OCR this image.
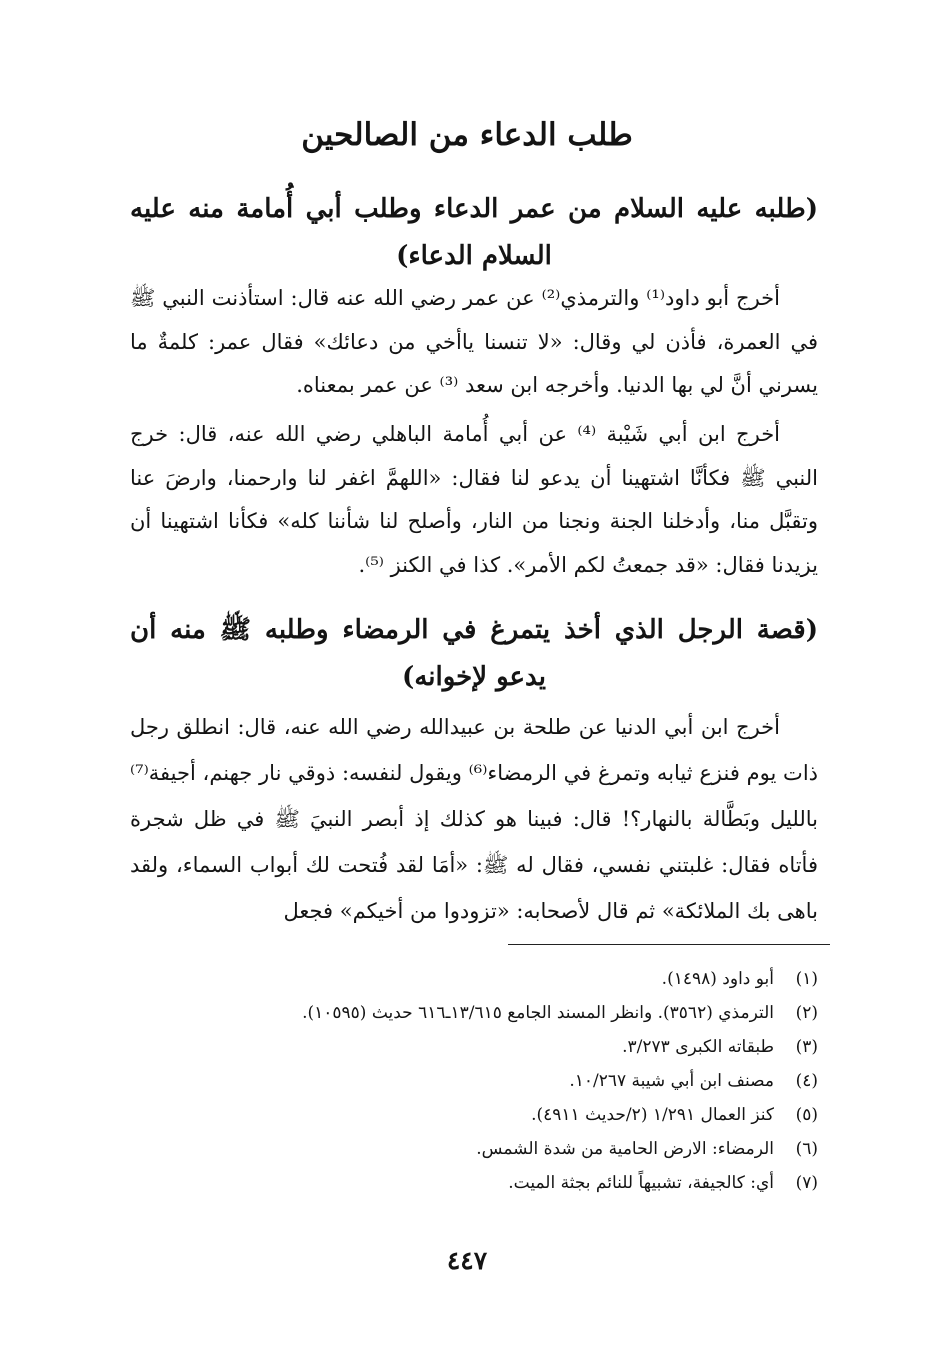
طلب الدعاء من الصالحين
(طلبه عليه السلام من عمر الدعاء وطلب أبي أُمامة منه عليه السلام الدعاء)

أخرج أبو داود⁽¹⁾ والترمذي⁽²⁾ عن عمر رضي الله عنه قال: استأذنت النبي ﷺ في العمرة، فأذن لي وقال: «لا تنسنا ياأخي من دعائك» فقال عمر: كلمةٌ ما يسرني أنَّ لي بها الدنيا. وأخرجه ابن سعد ⁽³⁾ عن عمر بمعناه.

أخرج ابن أبي شَيْبة ⁽⁴⁾ عن أبي أُمامة الباهلي رضي الله عنه، قال: خرج النبي ﷺ فكأنَّا اشتهينا أن يدعو لنا فقال: «اللهمَّ اغفر لنا وارحمنا، وارضَ عنا وتقبَّل منا، وأدخلنا الجنة ونجنا من النار، وأصلح لنا شأننا كله» فكأنا اشتهينا أن يزيدنا فقال: «قد جمعتُ لكم الأمر». كذا في الكنز ⁽⁵⁾.

(قصة الرجل الذي أخذ يتمرغ في الرمضاء وطلبه ﷺ منه أن يدعو لإخوانه)

أخرج ابن أبي الدنيا عن طلحة بن عبيدالله رضي الله عنه، قال: انطلق رجل ذات يوم فنزع ثيابه وتمرغ في الرمضاء⁽⁶⁾ ويقول لنفسه: ذوقي نار جهنم، أجيفة⁽⁷⁾ بالليل وبَطَّالة بالنهار؟! قال: فبينا هو كذلك إذ أبصر النبيَ ﷺ في ظل شجرة فأتاه فقال: غلبتني نفسي، فقال له ﷺ: «أمَا لقد فُتحت لك أبواب السماء، ولقد باهى بك الملائكة» ثم قال لأصحابه: «تزودوا من أخيكم» فجعل

(١)
أبو داود (١٤٩٨).
(٢)
الترمذي (٣٥٦٢). وانظر المسند الجامع ١٣/٦١٥ـ٦١٦ حديث (١٠٥٩٥).
(٣)
طبقاته الكبرى ٣/٢٧٣.
(٤)
مصنف ابن أبي شيبة ١٠/٢٦٧.
(٥)
كنز العمال ١/٢٩١ (٢/حديث ٤٩١١).
(٦)
الرمضاء: الارض الحامية من شدة الشمس.
(٧)
أي: كالجيفة، تشبيهاً للنائم بجثة الميت.
٤٤٧
